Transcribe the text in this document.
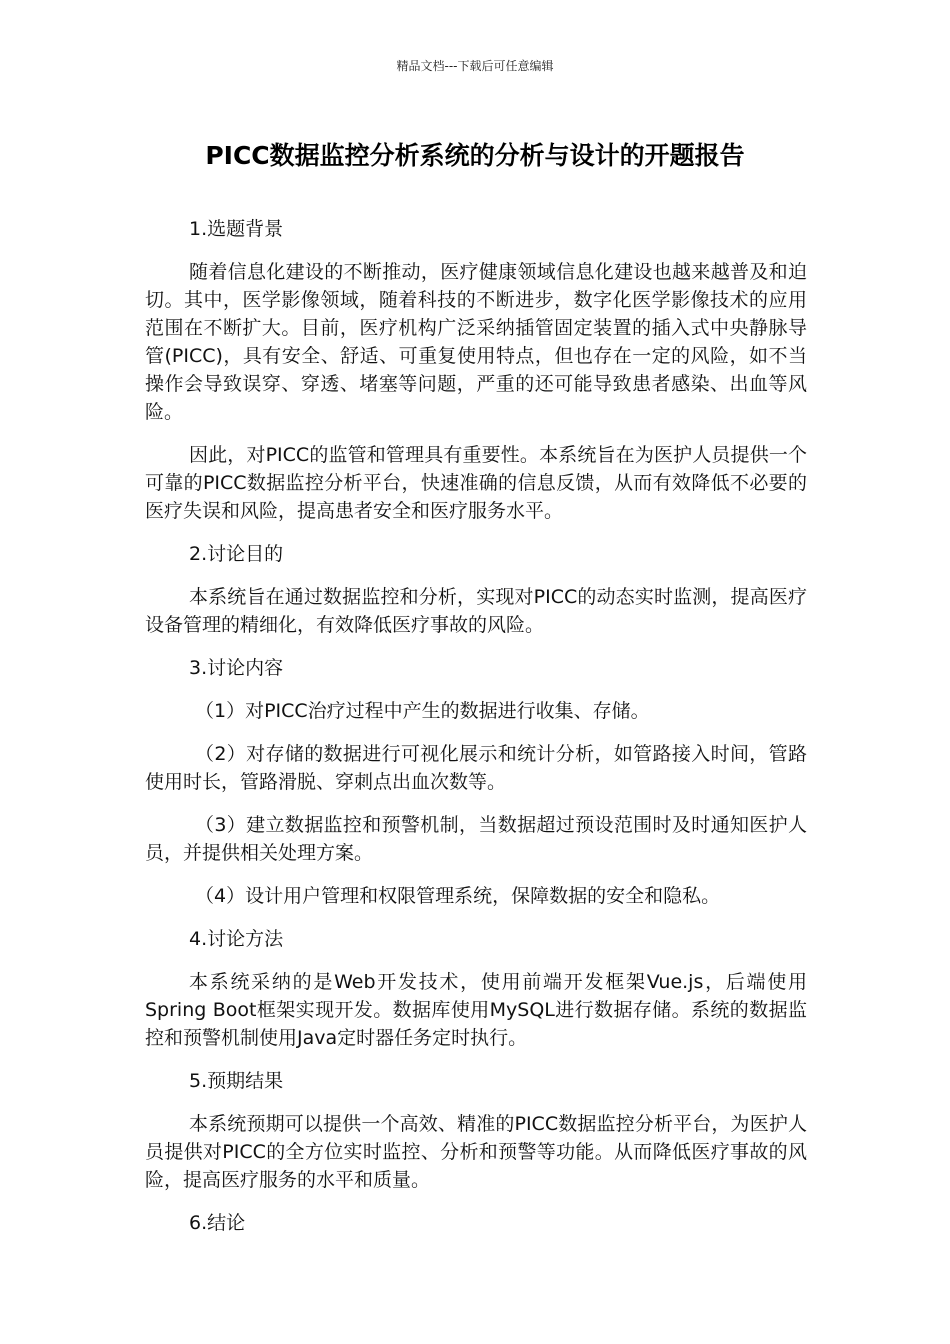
精品文档---下载后可任意编辑
PICC数据监控分析系统的分析与设计的开题报告
1.选题背景

随着信息化建设的不断推动，医疗健康领域信息化建设也越来越普及和迫切。其中，医学影像领域，随着科技的不断进步，数字化医学影像技术的应用范围在不断扩大。目前，医疗机构广泛采纳插管固定装置的插入式中央静脉导管(PICC)，具有安全、舒适、可重复使用特点，但也存在一定的风险，如不当操作会导致误穿、穿透、堵塞等问题，严重的还可能导致患者感染、出血等风险。

因此，对PICC的监管和管理具有重要性。本系统旨在为医护人员提供一个可靠的PICC数据监控分析平台，快速准确的信息反馈，从而有效降低不必要的医疗失误和风险，提高患者安全和医疗服务水平。

2.讨论目的

本系统旨在通过数据监控和分析，实现对PICC的动态实时监测，提高医疗设备管理的精细化，有效降低医疗事故的风险。

3.讨论内容

（1）对PICC治疗过程中产生的数据进行收集、存储。

（2）对存储的数据进行可视化展示和统计分析，如管路接入时间，管路使用时长，管路滑脱、穿刺点出血次数等。

（3）建立数据监控和预警机制，当数据超过预设范围时及时通知医护人员，并提供相关处理方案。

（4）设计用户管理和权限管理系统，保障数据的安全和隐私。

4.讨论方法

本系统采纳的是Web开发技术，使用前端开发框架Vue.js，后端使用Spring Boot框架实现开发。数据库使用MySQL进行数据存储。系统的数据监控和预警机制使用Java定时器任务定时执行。

5.预期结果

本系统预期可以提供一个高效、精准的PICC数据监控分析平台，为医护人员提供对PICC的全方位实时监控、分析和预警等功能。从而降低医疗事故的风险，提高医疗服务的水平和质量。

6.结论
